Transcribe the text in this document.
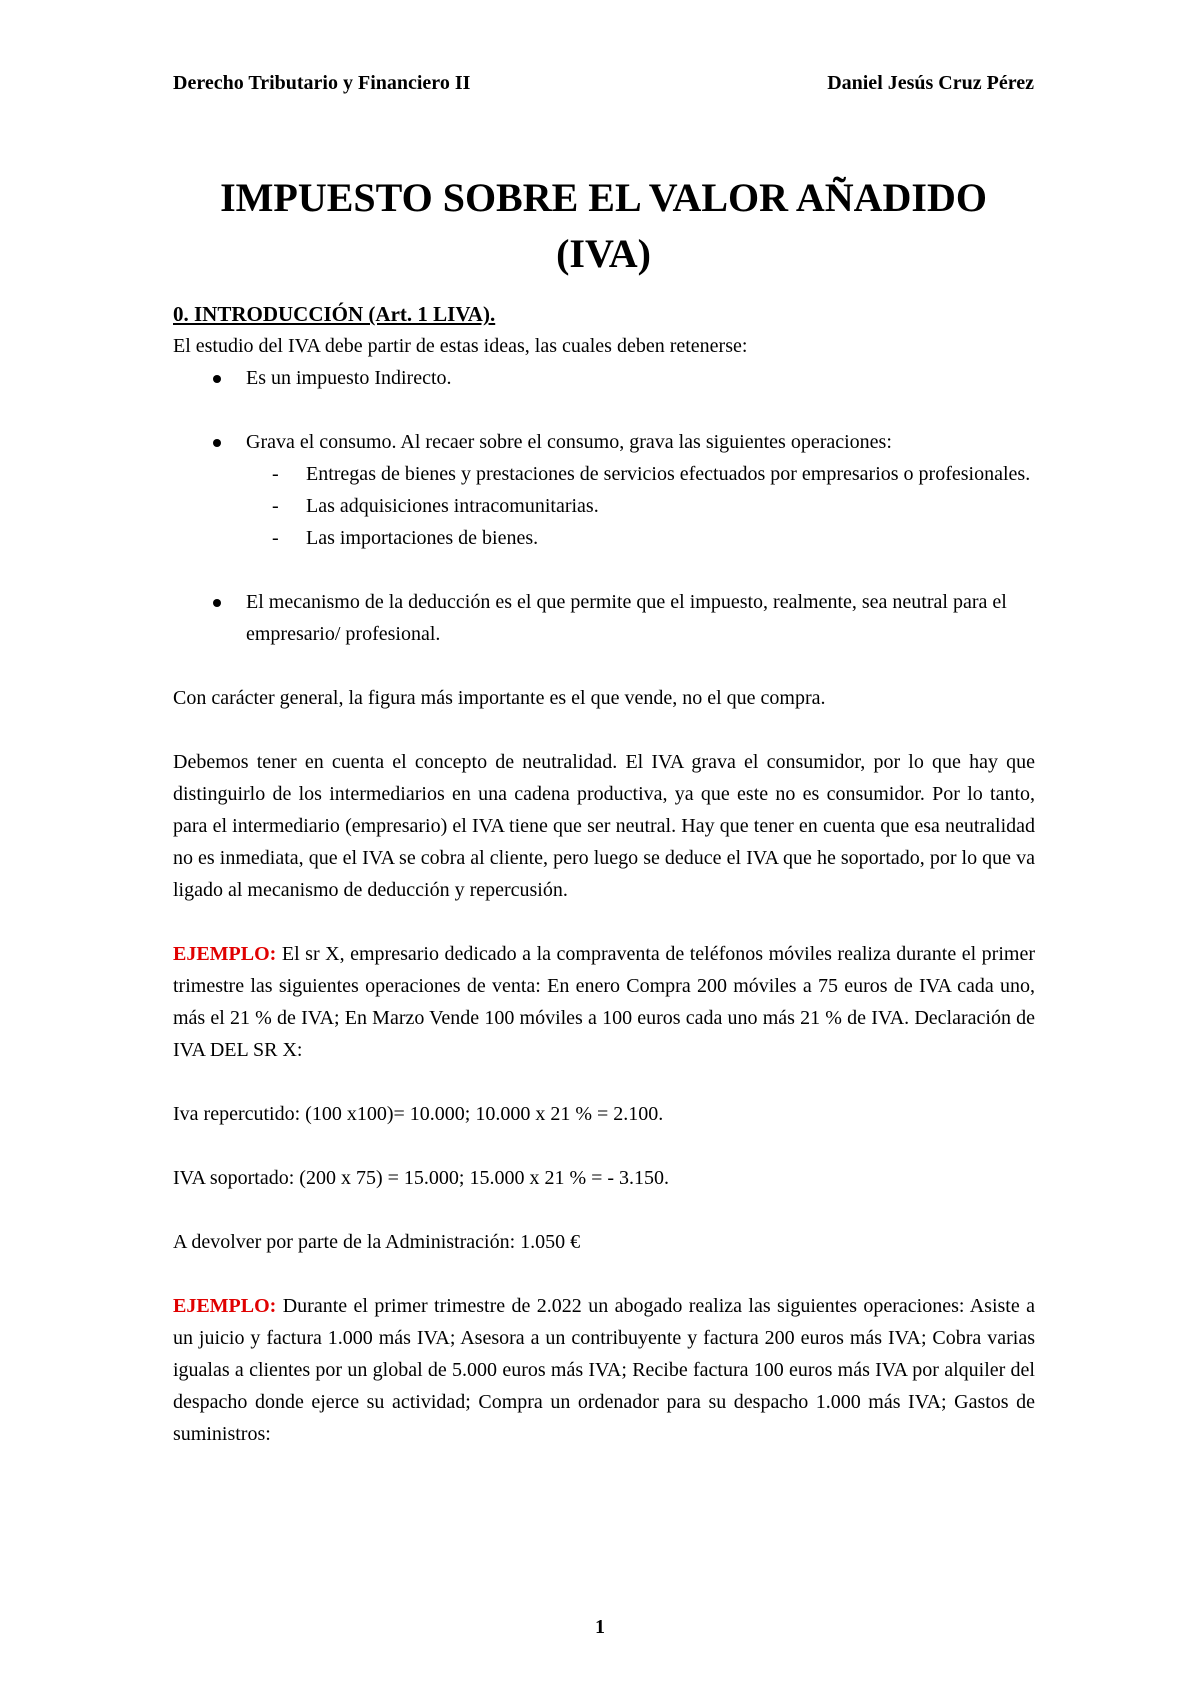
Derecho Tributario y Financiero II	Daniel Jesús Cruz Pérez
IMPUESTO SOBRE EL VALOR AÑADIDO
(IVA)

0. INTRODUCCIÓN (Art. 1 LIVA).

El estudio del IVA debe partir de estas ideas, las cuales deben retenerse:

Es un impuesto Indirecto.
Grava el consumo. Al recaer sobre el consumo, grava las siguientes operaciones:
- Entregas de bienes y prestaciones de servicios efectuados por empresarios o profesionales.
- Las adquisiciones intracomunitarias.
- Las importaciones de bienes.
El mecanismo de la deducción es el que permite que el impuesto, realmente, sea neutral para el empresario/ profesional.

Con carácter general, la figura más importante es el que vende, no el que compra.

Debemos tener en cuenta el concepto de neutralidad. El IVA grava el consumidor, por lo que hay que distinguirlo de los intermediarios en una cadena productiva, ya que este no es consumidor. Por lo tanto, para el intermediario (empresario) el IVA tiene que ser neutral. Hay que tener en cuenta que esa neutralidad no es inmediata, que el IVA se cobra al cliente, pero luego se deduce el IVA que he soportado, por lo que va ligado al mecanismo de deducción y repercusión.

EJEMPLO: El sr X, empresario dedicado a la compraventa de teléfonos móviles realiza durante el primer trimestre las siguientes operaciones de venta: En enero Compra 200 móviles a 75 euros de IVA cada uno, más el 21 % de IVA; En Marzo Vende 100 móviles a 100 euros cada uno más 21 % de IVA. Declaración de IVA DEL SR X:

Iva repercutido: (100 x100)= 10.000; 10.000 x 21 % = 2.100.

IVA soportado: (200 x 75) = 15.000; 15.000 x 21 % = - 3.150.

A devolver por parte de la Administración: 1.050 €

EJEMPLO: Durante el primer trimestre de 2.022 un abogado realiza las siguientes operaciones: Asiste a un juicio y factura 1.000 más IVA; Asesora a un contribuyente y factura 200 euros más IVA; Cobra varias igualas a clientes por un global de 5.000 euros más IVA; Recibe factura 100 euros más IVA por alquiler del despacho donde ejerce su actividad; Compra un ordenador para su despacho 1.000 más IVA; Gastos de suministros:

1
